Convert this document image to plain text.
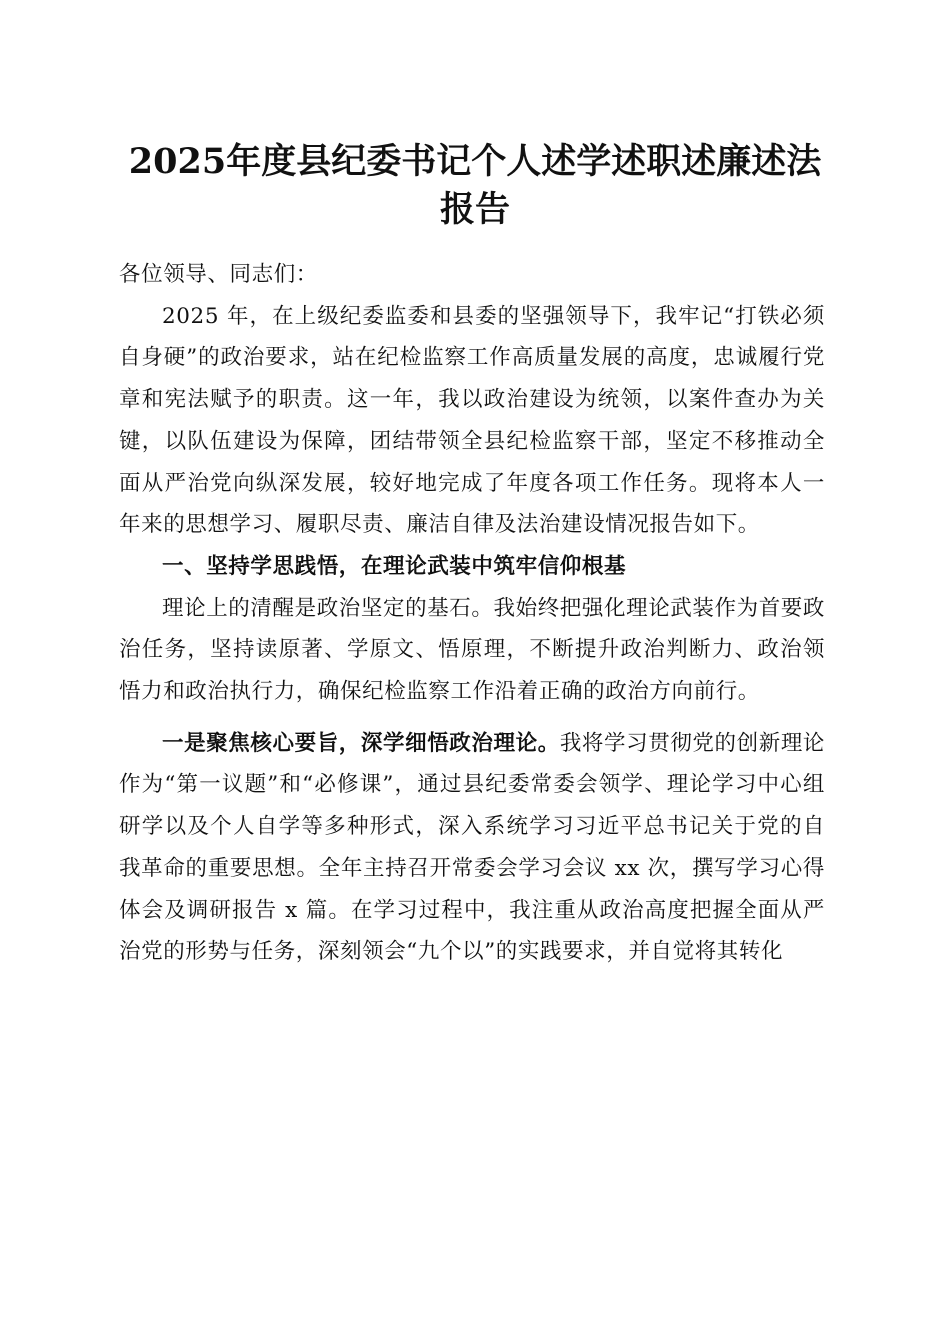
2025年度县纪委书记个人述学述职述廉述法
报告

各位领导、同志们：

2025 年，在上级纪委监委和县委的坚强领导下，我牢记“打铁必须自身硬”的政治要求，站在纪检监察工作高质量发展的高度，忠诚履行党章和宪法赋予的职责。这一年，我以政治建设为统领，以案件查办为关键，以队伍建设为保障，团结带领全县纪检监察干部，坚定不移推动全面从严治党向纵深发展，较好地完成了年度各项工作任务。现将本人一年来的思想学习、履职尽责、廉洁自律及法治建设情况报告如下。

一、坚持学思践悟，在理论武装中筑牢信仰根基

理论上的清醒是政治坚定的基石。我始终把强化理论武装作为首要政治任务，坚持读原著、学原文、悟原理，不断提升政治判断力、政治领悟力和政治执行力，确保纪检监察工作沿着正确的政治方向前行。

一是聚焦核心要旨，深学细悟政治理论。我将学习贯彻党的创新理论作为“第一议题”和“必修课”，通过县纪委常委会领学、理论学习中心组研学以及个人自学等多种形式，深入系统学习习近平总书记关于党的自我革命的重要思想。全年主持召开常委会学习会议 xx 次，撰写学习心得体会及调研报告 x 篇。在学习过程中，我注重从政治高度把握全面从严治党的形势与任务，深刻领会“九个以”的实践要求，并自觉将其转化
